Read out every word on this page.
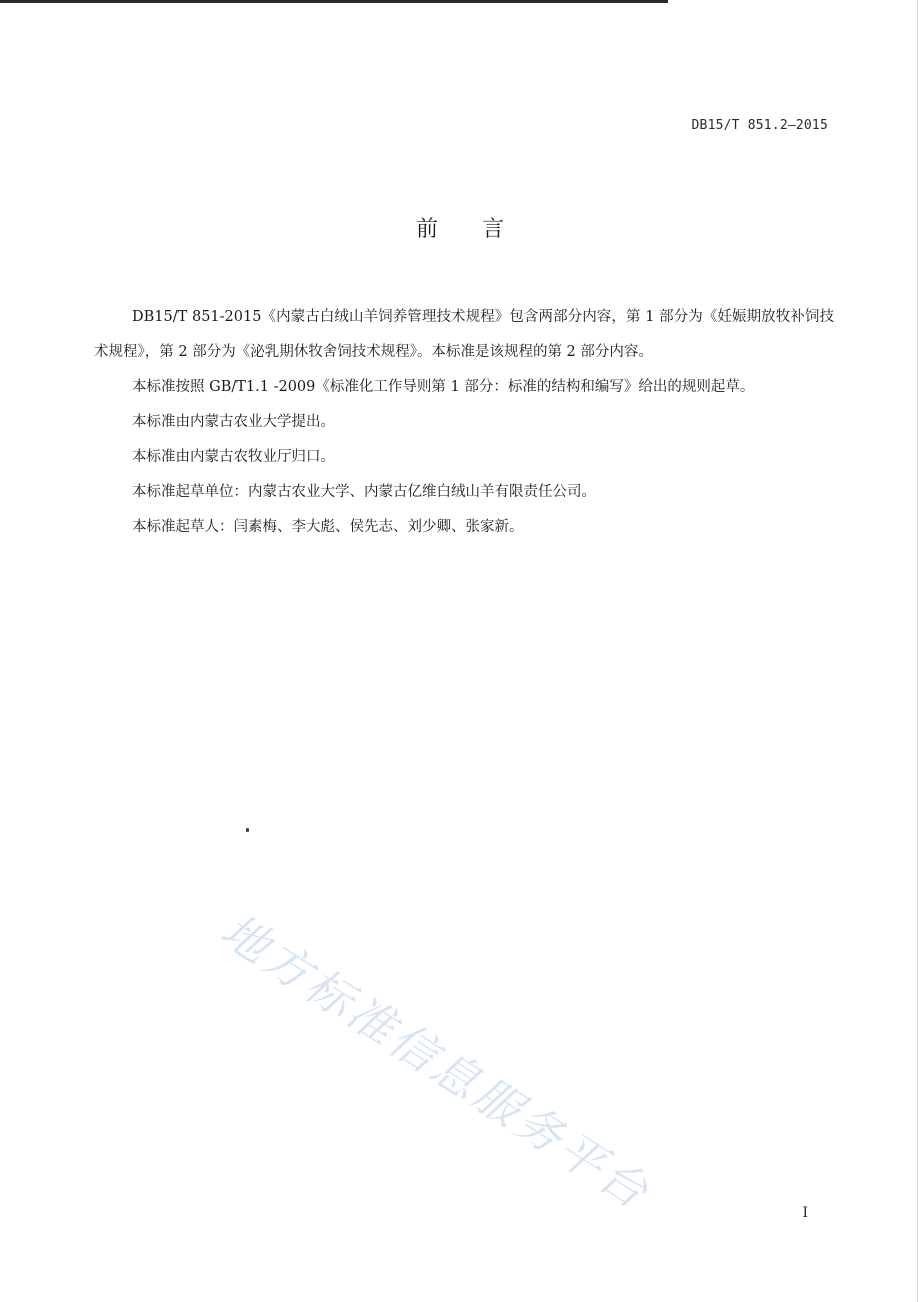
DB15/T 851.2—2015
前言

DB15/T 851-2015《内蒙古白绒山羊饲养管理技术规程》包含两部分内容，第 1 部分为《妊娠期放牧补饲技术规程》，第 2 部分为《泌乳期休牧舍饲技术规程》。本标准是该规程的第 2 部分内容。

本标准按照 GB/T1.1 -2009《标准化工作导则第 1 部分：标准的结构和编写》给出的规则起草。

本标准由内蒙古农业大学提出。

本标准由内蒙古农牧业厅归口。

本标准起草单位：内蒙古农业大学、内蒙古亿维白绒山羊有限责任公司。

本标准起草人：闫素梅、李大彪、侯先志、刘少卿、张家新。

地方标准信息服务平台	I
